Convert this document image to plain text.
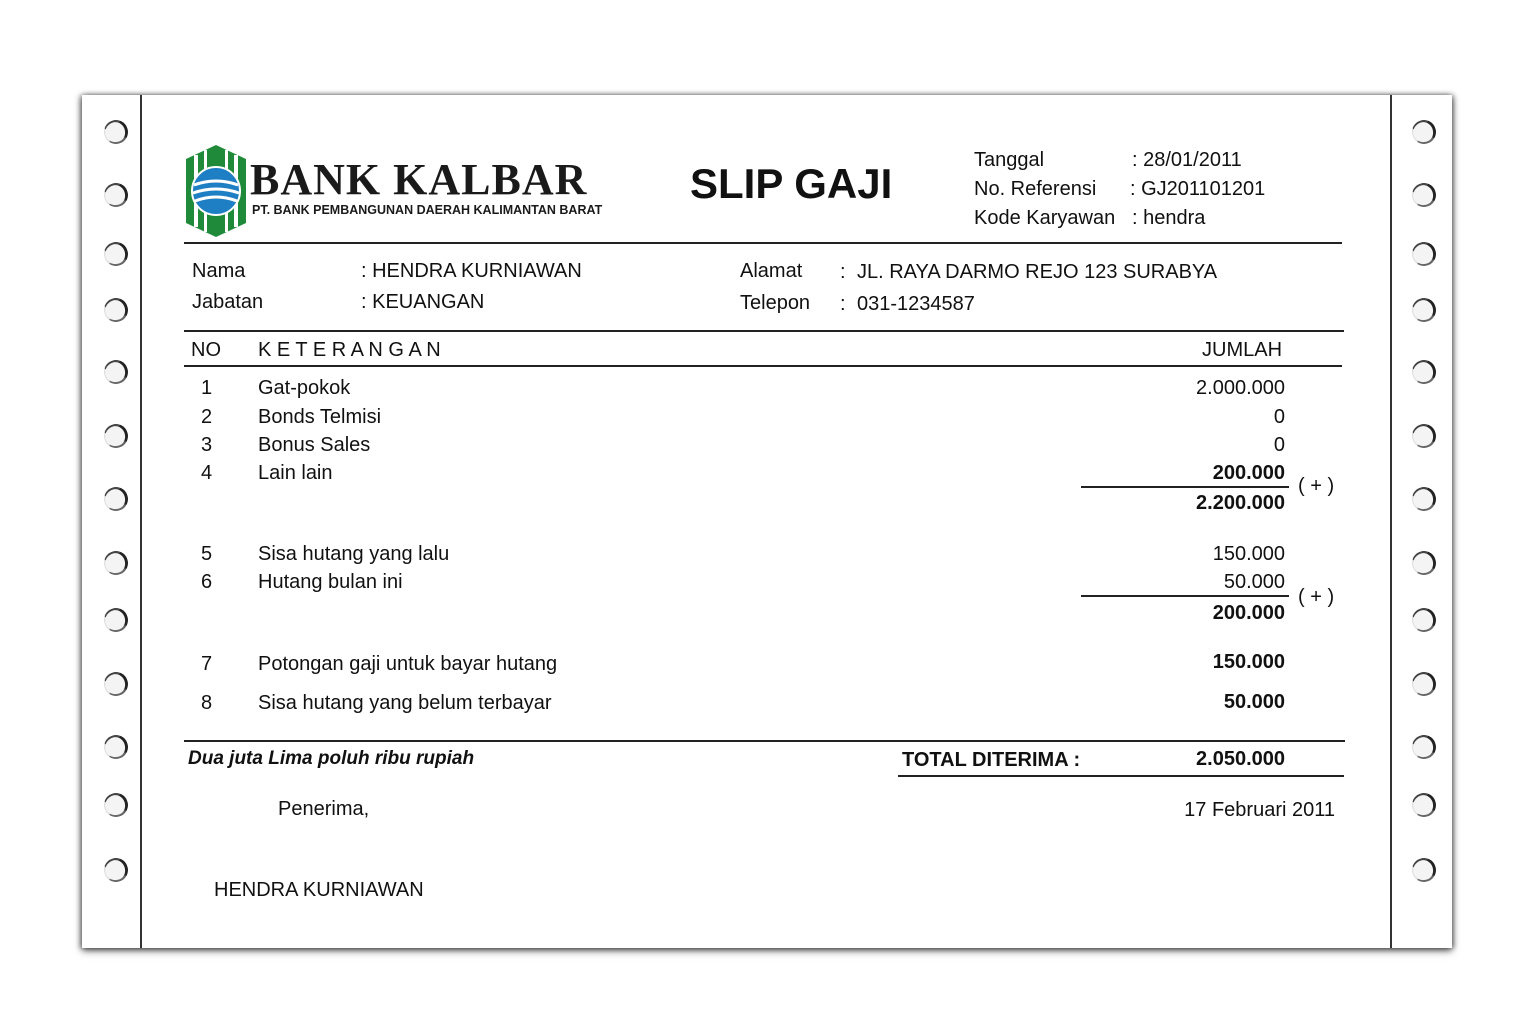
BANK KALBAR
PT. BANK PEMBANGUNAN DAERAH KALIMANTAN BARAT
SLIP GAJI	Tanggal	: 28/01/2011
No. Referensi : GJ201101201
Kode Karyawan : hendra
Nama	: HENDRA KURNIAWAN
Jabatan	: KEUANGAN
Alamat : JL. RAYA DARMO REJO 123 SURABYA
Telepon : 031-1234587
NO K E T E R A N G A N	JUMLAH
1 Gat-pokok	2.000.000
2 Bonds Telmisi	0
3 Bonus Sales	0
4 Lain lain	200.000
( + )
2.200.000
5 Sisa hutang yang lalu	150.000
6 Hutang bulan ini	50.000
( + )
200.000
7 Potongan gaji untuk bayar hutang	150.000
8 Sisa hutang yang belum terbayar	50.000
Dua juta Lima poluh ribu rupiah	TOTAL DITERIMA :	2.050.000
Penerima,	17 Februari 2011
HENDRA KURNIAWAN
